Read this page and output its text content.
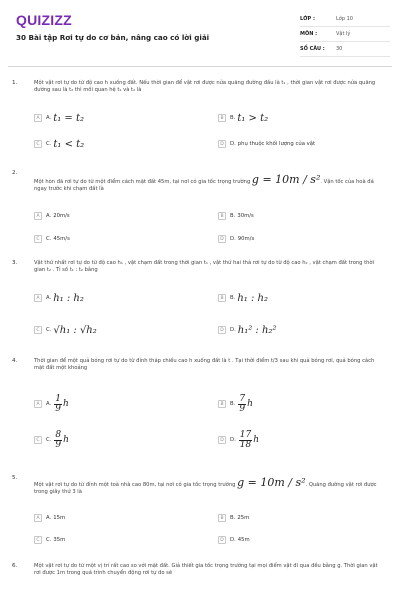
QUIZIZZ
30 Bài tập Rơi tự do cơ bản, nâng cao có lời giải
LỚP :	Lớp 10
MÔN :	Vật lý
SỐ CÂU :	30
1.	Một vật rơi tự do từ độ cao h xuống đất. Nếu thời gian để vật rơi được nửa quãng đường đầu là t₁ , thời gian vật rơi được nửa quãng đường sau là t₂ thì mối quan hệ t₁ và t₂ là
A	A. t₁ = t₂	B	B. t₁ > t₂
C	C. t₁ < t₂	D	D. phụ thuộc khối lượng của vật
2.
Một hòn đá rơi tự do từ một điểm cách mặt đất 45m, tại nơi có gia tốc trọng trường g = 10m / s². Vận tốc của hoà đá ngay trước khi chạm đất là
A	A. 20m/s	B	B. 30m/s
C	C. 45m/s	D	D. 90m/s
3.	Vật thứ nhất rơi tự do từ độ cao h₁ , vật chạm đất trong thời gian t₁ , vật thứ hai thả rơi tự do từ độ cao h₂ , vật chạm đất trong thời gian t₂ . Tỉ số t₁ : t₂ bằng
A	A. h₁ : h₂	B	B. h₁ : h₂
C	C. √h₁ : √h₂	D	D. h₁² : h₂²
4.	Thời gian để một quả bóng rơi tự do từ đỉnh tháp chiều cao h xuống đất là t . Tại thời điểm t/3 sau khi quả bóng rơi, quả bóng cách mặt đất một khoảng
A	A. $\frac{1}{9}$ h	B	B. $\frac{7}{9}$ h
C	C. $\frac{8}{9}$ h	D	D. $\frac{17}{18}$ h
5.
Một vật rơi tự do từ đỉnh một toà nhà cao 80m, tại nơi có gia tốc trọng trường g = 10m / s². Quãng đường vật rơi được trong giây thứ 3 là
A	A. 15m	B	B. 25m
C	C. 35m	D	D. 45m
6.	Một vật rơi tự do từ một vị trí rất cao so với mặt đất. Giả thiết gia tốc trọng trường tại mọi điểm vật đi qua đều bằng g. Thời gian vật rơi được 1m trong quá trình chuyển động rơi tự do sẽ
